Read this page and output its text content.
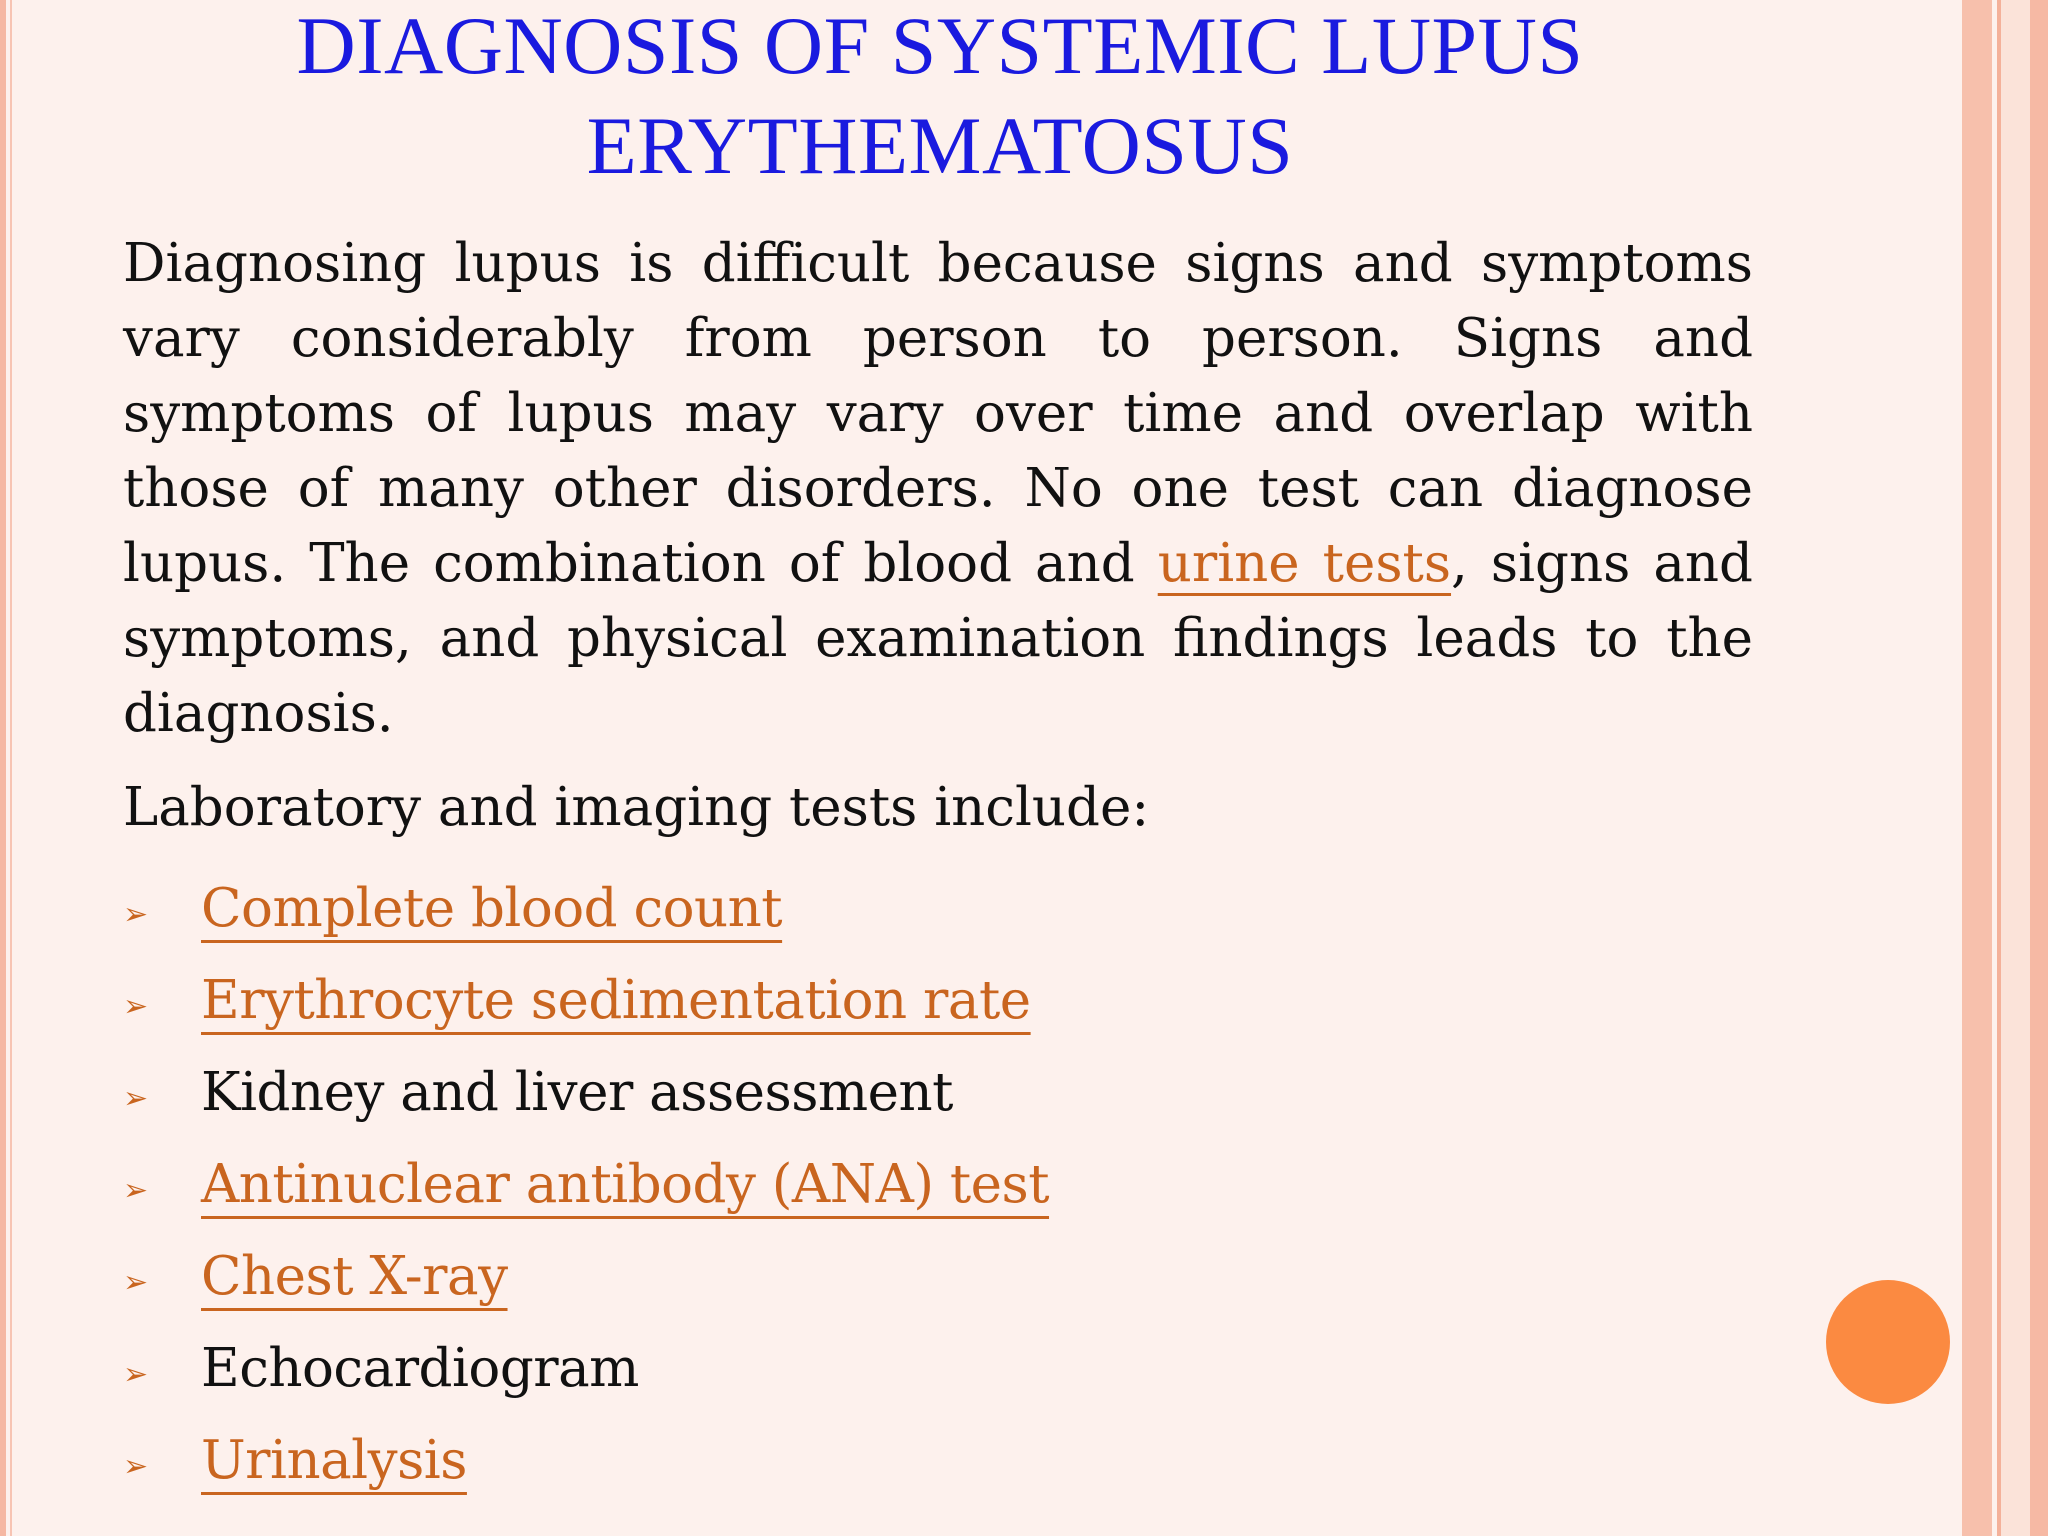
DIAGNOSIS OF SYSTEMIC LUPUS
ERYTHEMATOSUS

Diagnosing lupus is difficult because signs and symptoms vary considerably from person to person. Signs and symptoms of lupus may vary over time and overlap with those of many other disorders. No one test can diagnose lupus. The combination of blood and urine tests, signs and symptoms, and physical examination findings leads to the diagnosis.

Laboratory and imaging tests include:

➢ Complete blood count
➢ Erythrocyte sedimentation rate
➢ Kidney and liver assessment
➢ Antinuclear antibody (ANA) test
➢ Chest X-ray
➢ Echocardiogram
➢ Urinalysis
